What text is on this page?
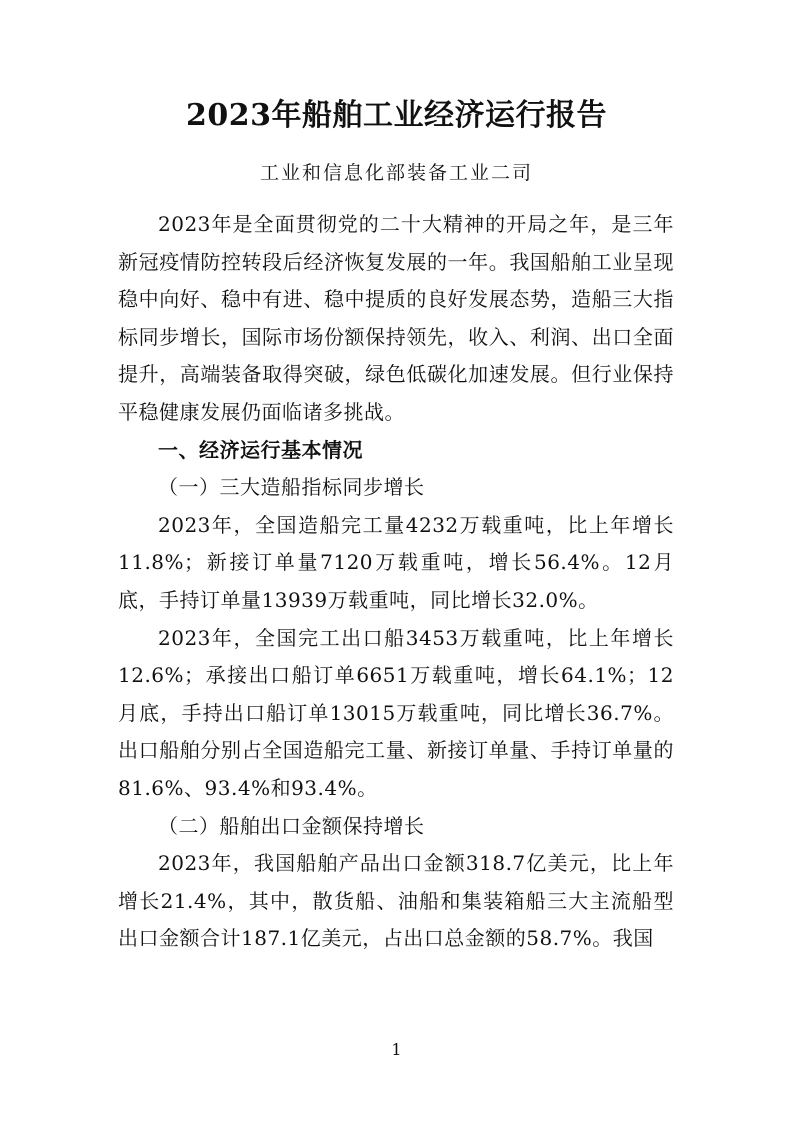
2023年船舶工业经济运行报告
工业和信息化部装备工业二司

2023年是全面贯彻党的二十大精神的开局之年，是三年新冠疫情防控转段后经济恢复发展的一年。我国船舶工业呈现稳中向好、稳中有进、稳中提质的良好发展态势，造船三大指标同步增长，国际市场份额保持领先，收入、利润、出口全面提升，高端装备取得突破，绿色低碳化加速发展。但行业保持平稳健康发展仍面临诸多挑战。

一、经济运行基本情况

（一）三大造船指标同步增长

2023年，全国造船完工量4232万载重吨，比上年增长11.8%；新接订单量7120万载重吨，增长56.4%。12月底，手持订单量13939万载重吨，同比增长32.0%。

2023年，全国完工出口船3453万载重吨，比上年增长12.6%；承接出口船订单6651万载重吨，增长64.1%；12月底，手持出口船订单13015万载重吨，同比增长36.7%。出口船舶分别占全国造船完工量、新接订单量、手持订单量的81.6%、93.4%和93.4%。

（二）船舶出口金额保持增长

2023年，我国船舶产品出口金额318.7亿美元，比上年增长21.4%，其中，散货船、油船和集装箱船三大主流船型出口金额合计187.1亿美元，占出口总金额的58.7%。我国

1
